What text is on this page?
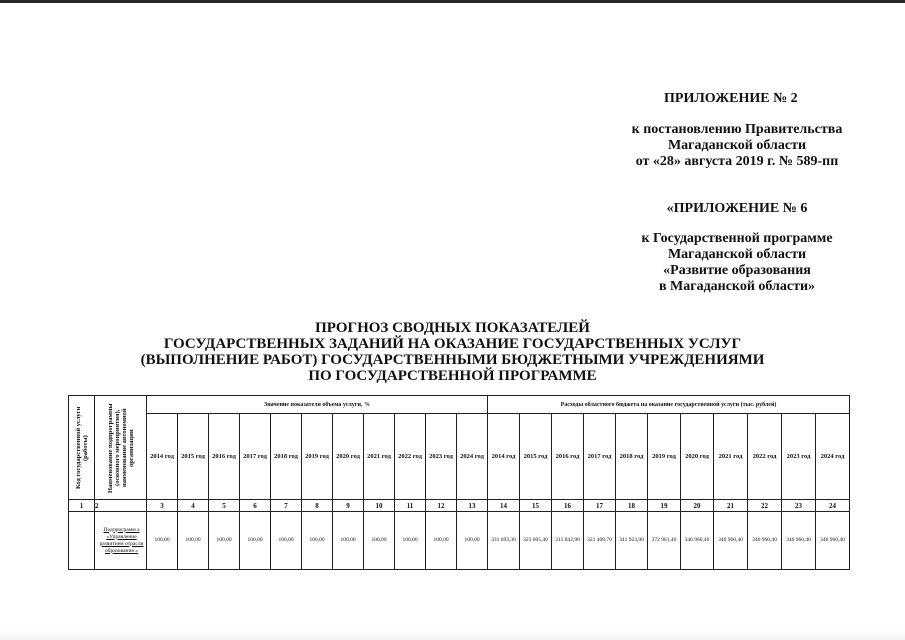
ПРИЛОЖЕНИЕ № 2
к постановлению Правительства
Магаданской области
от «28» августа 2019 г. № 589-пп
«ПРИЛОЖЕНИЕ № 6
к Государственной программе
Магаданской области
«Развитие образования
в Магаданской области»
ПРОГНОЗ СВОДНЫХ ПОКАЗАТЕЛЕЙ
ГОСУДАРСТВЕННЫХ ЗАДАНИЙ НА ОКАЗАНИЕ ГОСУДАРСТВЕННЫХ УСЛУГ
(ВЫПОЛНЕНИЕ РАБОТ) ГОСУДАРСТВЕННЫМИ БЮДЖЕТНЫМИ УЧРЕЖДЕНИЯМИ
ПО ГОСУДАРСТВЕННОЙ ПРОГРАММЕ
Код государственной услуги (работы)	Наименование подпрограммы (основного мероприятия), наименование автономной организации	Значение показателя объема услуги, %											Расходы областного бюджета на оказание государственной услуги (тыс. рублей)										
		2014 год	2015 год	2016 год	2017 год	2018 год	2019 год	2020 год	2021 год	2022 год	2023 год	2024 год	2014 год	2015 год	2016 год	2017 год	2018 год	2019 год	2020 год	2021 год	2022 год	2023 год	2024 год
1	2	3	4	5	6	7	8	9	10	11	12	13	14	15	16	17	18	19	20	21	22	23	24
	Подпрограмм а «Управление развитием отрасли образования »	100,00	100,00	100,00	100,00	100,00	100,00	100,00	100,00	100,00	100,00	100,00	331 693,30	323 605,40	315 842,90	321 408,70	341 923,00	372 961,40	346 960,40	346 960,40	346 960,40	346 960,40	346 960,40
